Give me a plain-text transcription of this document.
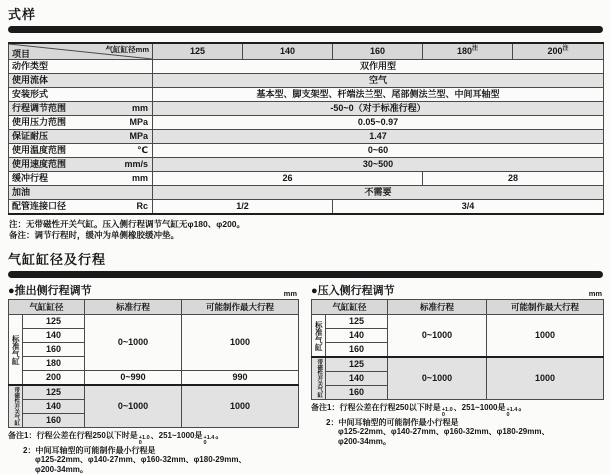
式样
气缸缸径mm
项目	125	140	160	$180^注$	$200^注$

动作类型	双作用型				

使用流体	空气				

安装形式	基本型、脚支架型、杆端法兰型、尾部侧法兰型、中间耳轴型				

行程调节范围 mm	-50~0（对于标准行程）				

使用压力范围 MPa	0.05~0.97				

保证耐压 MPa	1.47				

使用温度范围 ℃	0~60				

使用速度范围 mm/s	30~500				

缓冲行程 mm	26			28	

加油	不需要				

配管连接口径 Rc	1/2		3/4		
注：无带磁性开关气缸。压入侧行程调节气缸无φ180、φ200。
备注：调节行程时，缓冲为单侧橡胶缓冲垫。
气缸缸径及行程
●推出侧行程调节	mm
气缸缸径		标准行程	可能制作最大行程
标准气缸	125	0~1000	1000
	140		
	160		
	180		
	200	0~990	990
带磁性开关气缸	125	0~1000	1000
	140		
	160		
备注1：行程公差在行程250以下时是 +1.0
0
、251~1000是 +1.4
0
。
2：中间耳轴型的可能制作最小行程是
φ125-22mm、φ140-27mm、φ160-32mm、φ180-29mm、
φ200-34mm。
●压入侧行程调节	mm
气缸缸径		标准行程	可能制作最大行程
标准气缸	125	0~1000	1000
	140		
	160		
带磁性开关气缸	125	0~1000	1000
	140		
	160		
备注1：行程公差在行程250以下时是 +1.0
0
、251~1000是 +1.4
0
。
2：中间耳轴型的可能制作最小行程是
φ125-22mm、φ140-27mm、φ160-32mm、φ180-29mm、
φ200-34mm。
